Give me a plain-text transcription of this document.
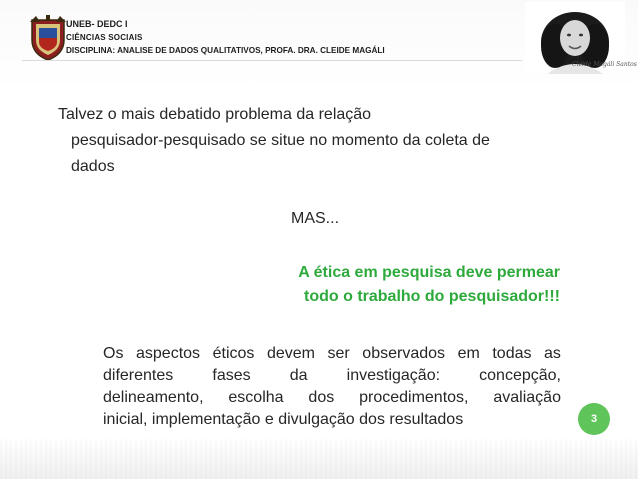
UNEB- DEDC I
CIÊNCIAS SOCIAIS
DISCIPLINA: ANALISE DE DADOS QUALITATIVOS, PROFA. DRA. CLEIDE MAGÁLI
Cleide Magáli Santos
Talvez o mais debatido problema da relação
pesquisador-pesquisado se situe no momento da coleta de
dados
MAS...
A ética em pesquisa deve permear
todo o trabalho do pesquisador!!!
Os aspectos éticos devem ser observados em todas as
diferentes fases da investigação: concepção,
delineamento, escolha dos procedimentos, avaliação
inicial, implementação e divulgação dos resultados	3
